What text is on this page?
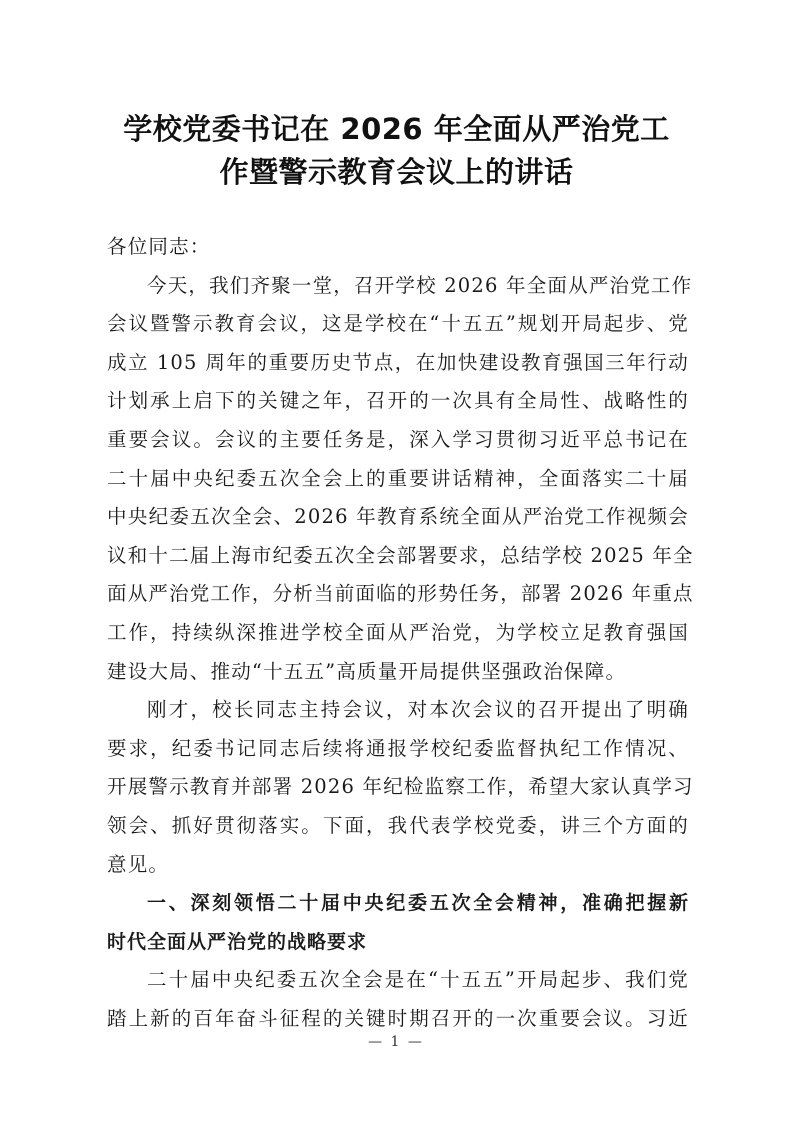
学校党委书记在 2026 年全面从严治党工
作暨警示教育会议上的讲话

各位同志：

今天，我们齐聚一堂，召开学校 2026 年全面从严治党工作
会议暨警示教育会议，这是学校在“十五五”规划开局起步、党
成立 105 周年的重要历史节点，在加快建设教育强国三年行动
计划承上启下的关键之年，召开的一次具有全局性、战略性的
重要会议。会议的主要任务是，深入学习贯彻习近平总书记在
二十届中央纪委五次全会上的重要讲话精神，全面落实二十届
中央纪委五次全会、2026 年教育系统全面从严治党工作视频会
议和十二届上海市纪委五次全会部署要求，总结学校 2025 年全
面从严治党工作，分析当前面临的形势任务，部署 2026 年重点
工作，持续纵深推进学校全面从严治党，为学校立足教育强国
建设大局、推动“十五五”高质量开局提供坚强政治保障。

刚才，校长同志主持会议，对本次会议的召开提出了明确
要求，纪委书记同志后续将通报学校纪委监督执纪工作情况、
开展警示教育并部署 2026 年纪检监察工作，希望大家认真学习
领会、抓好贯彻落实。下面，我代表学校党委，讲三个方面的
意见。

一、深刻领悟二十届中央纪委五次全会精神，准确把握新
时代全面从严治党的战略要求

二十届中央纪委五次全会是在“十五五”开局起步、我们党
踏上新的百年奋斗征程的关键时期召开的一次重要会议。习近

— 1 —
